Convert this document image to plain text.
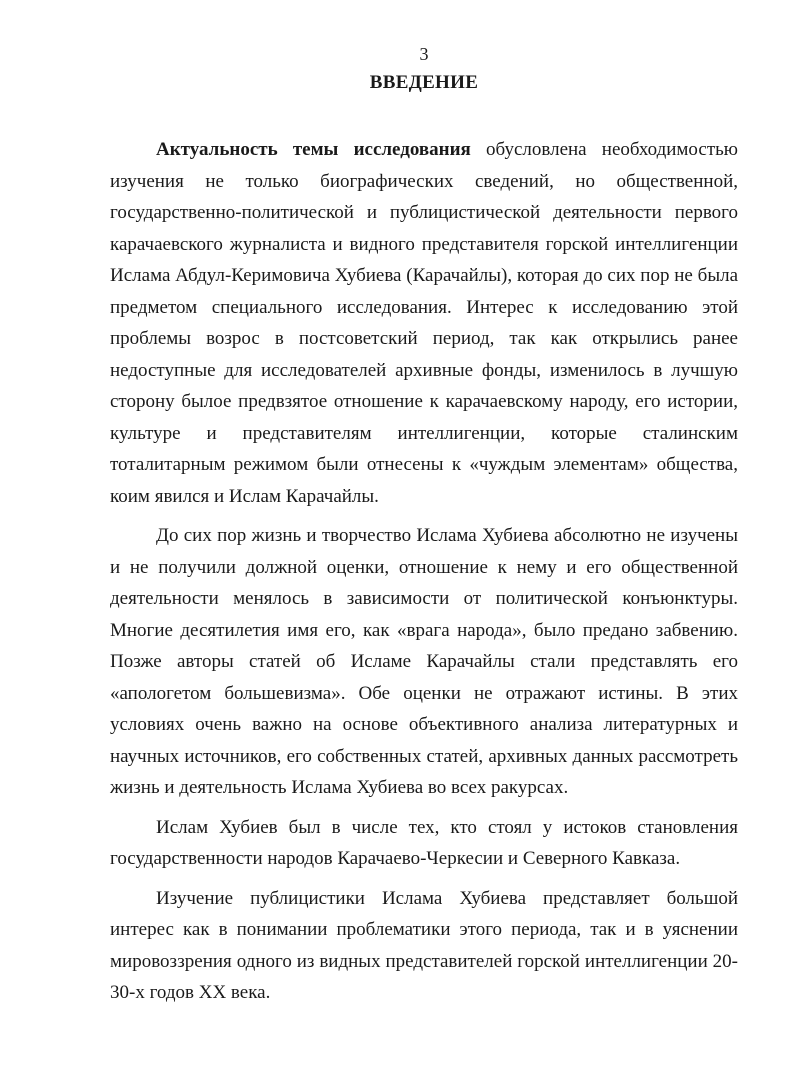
3
ВВЕДЕНИЕ

Актуальность темы исследования обусловлена необходимостью изучения не только биографических сведений, но общественной, государственно-политической и публицистической деятельности первого карачаевского журналиста и видного представителя горской интеллигенции Ислама Абдул-Керимовича Хубиева (Карачайлы), которая до сих пор не была предметом специального исследования. Интерес к исследованию этой проблемы возрос в постсоветский период, так как открылись ранее недоступные для исследователей архивные фонды, изменилось в лучшую сторону былое предвзятое отношение к карачаевскому народу, его истории, культуре и представителям интеллигенции, которые сталинским тоталитарным режимом были отнесены к «чуждым элементам» общества, коим явился и Ислам Карачайлы.

До сих пор жизнь и творчество Ислама Хубиева абсолютно не изучены и не получили должной оценки, отношение к нему и его общественной деятельности менялось в зависимости от политической конъюнктуры. Многие десятилетия имя его, как «врага народа», было предано забвению. Позже авторы статей об Исламе Карачайлы стали представлять его «апологетом большевизма». Обе оценки не отражают истины. В этих условиях очень важно на основе объективного анализа литературных и научных источников, его собственных статей, архивных данных рассмотреть жизнь и деятельность Ислама Хубиева во всех ракурсах.

Ислам Хубиев был в числе тех, кто стоял у истоков становления государственности народов Карачаево-Черкесии и Северного Кавказа.

Изучение публицистики Ислама Хубиева представляет большой интерес как в понимании проблематики этого периода, так и в уяснении мировоззрения одного из видных представителей горской интеллигенции 20-30-х годов XX века.
